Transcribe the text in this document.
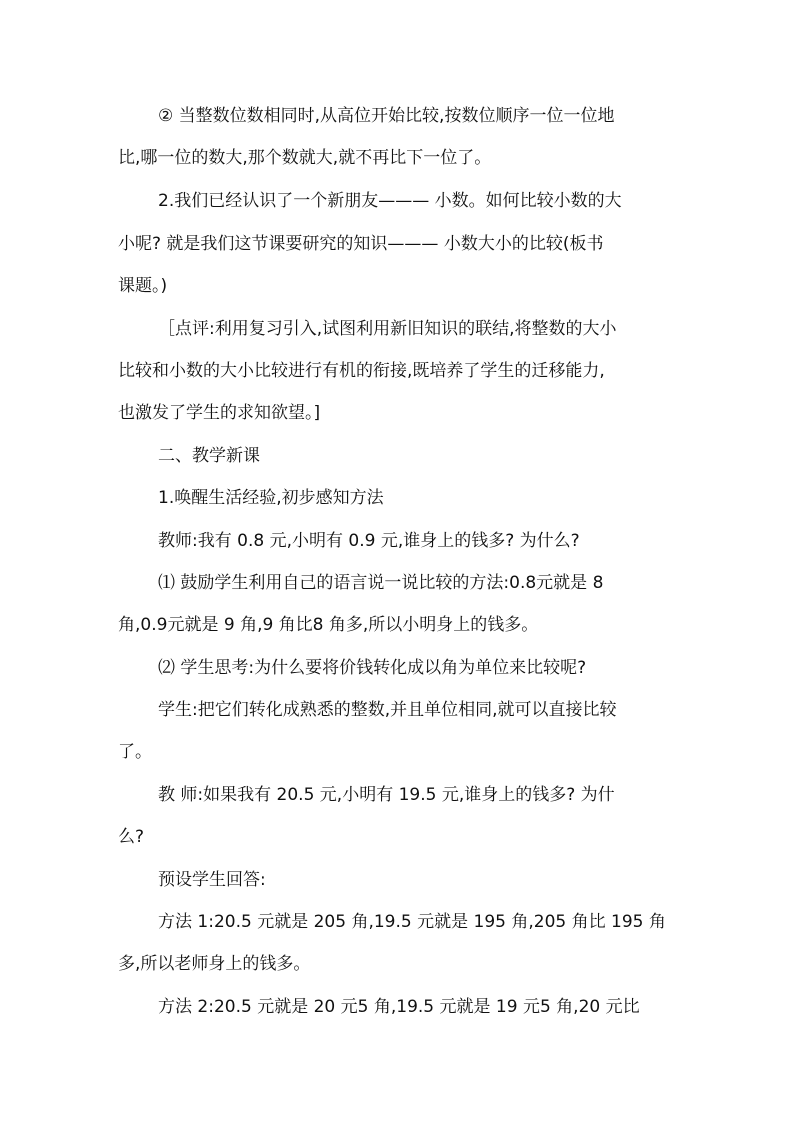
② 当整数位数相同时,从高位开始比较,按数位顺序一位一位地
比,哪一位的数大,那个数就大,就不再比下一位了。
2.我们已经认识了一个新朋友——— 小数。如何比较小数的大
小呢? 就是我们这节课要研究的知识——— 小数大小的比较(板书
课题。)
［点评:利用复习引入,试图利用新旧知识的联结,将整数的大小
比较和小数的大小比较进行有机的衔接,既培养了学生的迁移能力,
也激发了学生的求知欲望。]
二、教学新课
1.唤醒生活经验,初步感知方法
教师:我有 0.8 元,小明有 0.9 元,谁身上的钱多? 为什么?
⑴ 鼓励学生利用自己的语言说一说比较的方法:0.8元就是 8
角,0.9元就是 9 角,9 角比8 角多,所以小明身上的钱多。
⑵ 学生思考:为什么要将价钱转化成以角为单位来比较呢?
学生:把它们转化成熟悉的整数,并且单位相同,就可以直接比较
了。
教 师:如果我有 20.5 元,小明有 19.5 元,谁身上的钱多? 为什
么?
预设学生回答:
方法 1:20.5 元就是 205 角,19.5 元就是 195 角,205 角比 195 角
多,所以老师身上的钱多。
方法 2:20.5 元就是 20 元5 角,19.5 元就是 19 元5 角,20 元比
